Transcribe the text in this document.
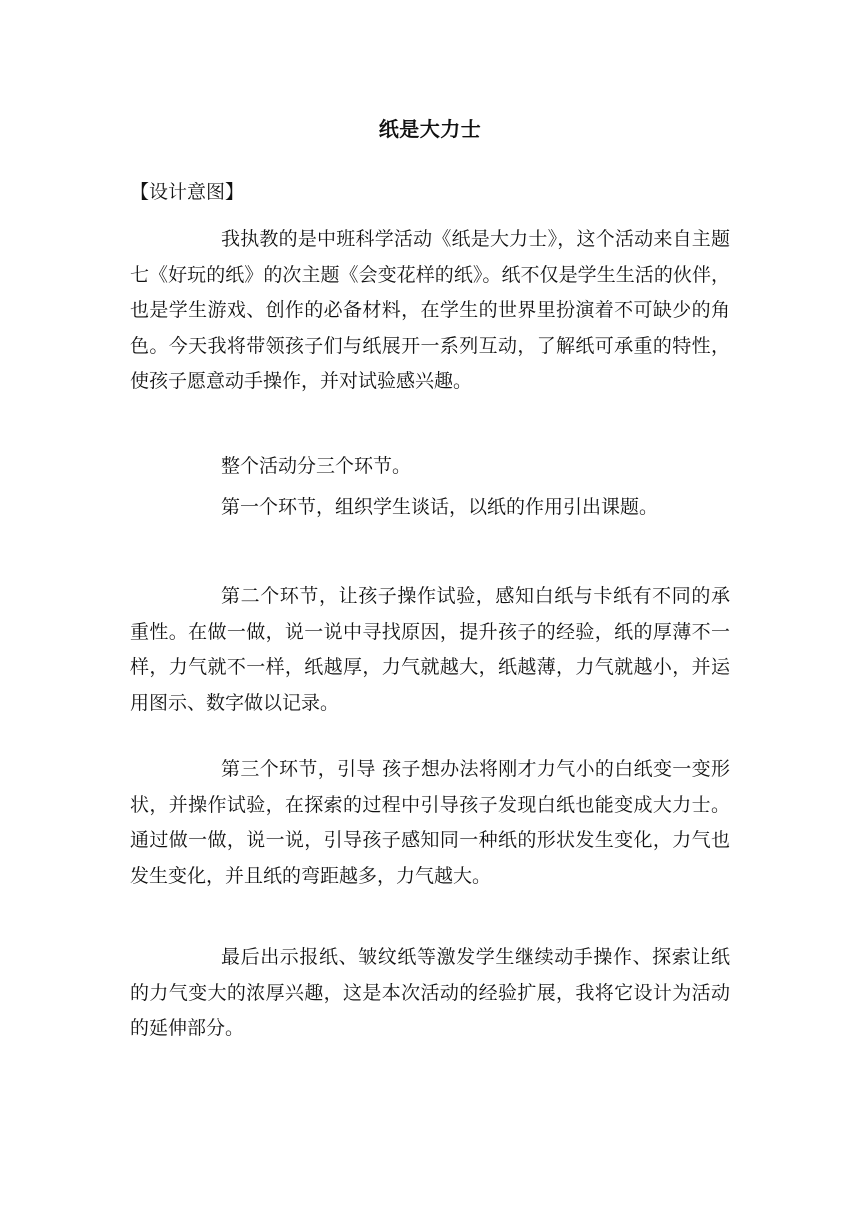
纸是大力士
【设计意图】

我执教的是中班科学活动《纸是大力士》，这个活动来自主题七《好玩的纸》的次主题《会变花样的纸》。纸不仅是学生生活的伙伴，也是学生游戏、创作的必备材料，在学生的世界里扮演着不可缺少的角色。今天我将带领孩子们与纸展开一系列互动，了解纸可承重的特性，使孩子愿意动手操作，并对试验感兴趣。

整个活动分三个环节。

第一个环节，组织学生谈话，以纸的作用引出课题。

第二个环节，让孩子操作试验，感知白纸与卡纸有不同的承重性。在做一做，说一说中寻找原因，提升孩子的经验，纸的厚薄不一样，力气就不一样，纸越厚，力气就越大，纸越薄，力气就越小，并运用图示、数字做以记录。

第三个环节，引导 孩子想办法将刚才力气小的白纸变一变形状，并操作试验，在探索的过程中引导孩子发现白纸也能变成大力士。通过做一做，说一说，引导孩子感知同一种纸的形状发生变化，力气也发生变化，并且纸的弯距越多，力气越大。

最后出示报纸、皱纹纸等激发学生继续动手操作、探索让纸的力气变大的浓厚兴趣，这是本次活动的经验扩展，我将它设计为活动的延伸部分。
